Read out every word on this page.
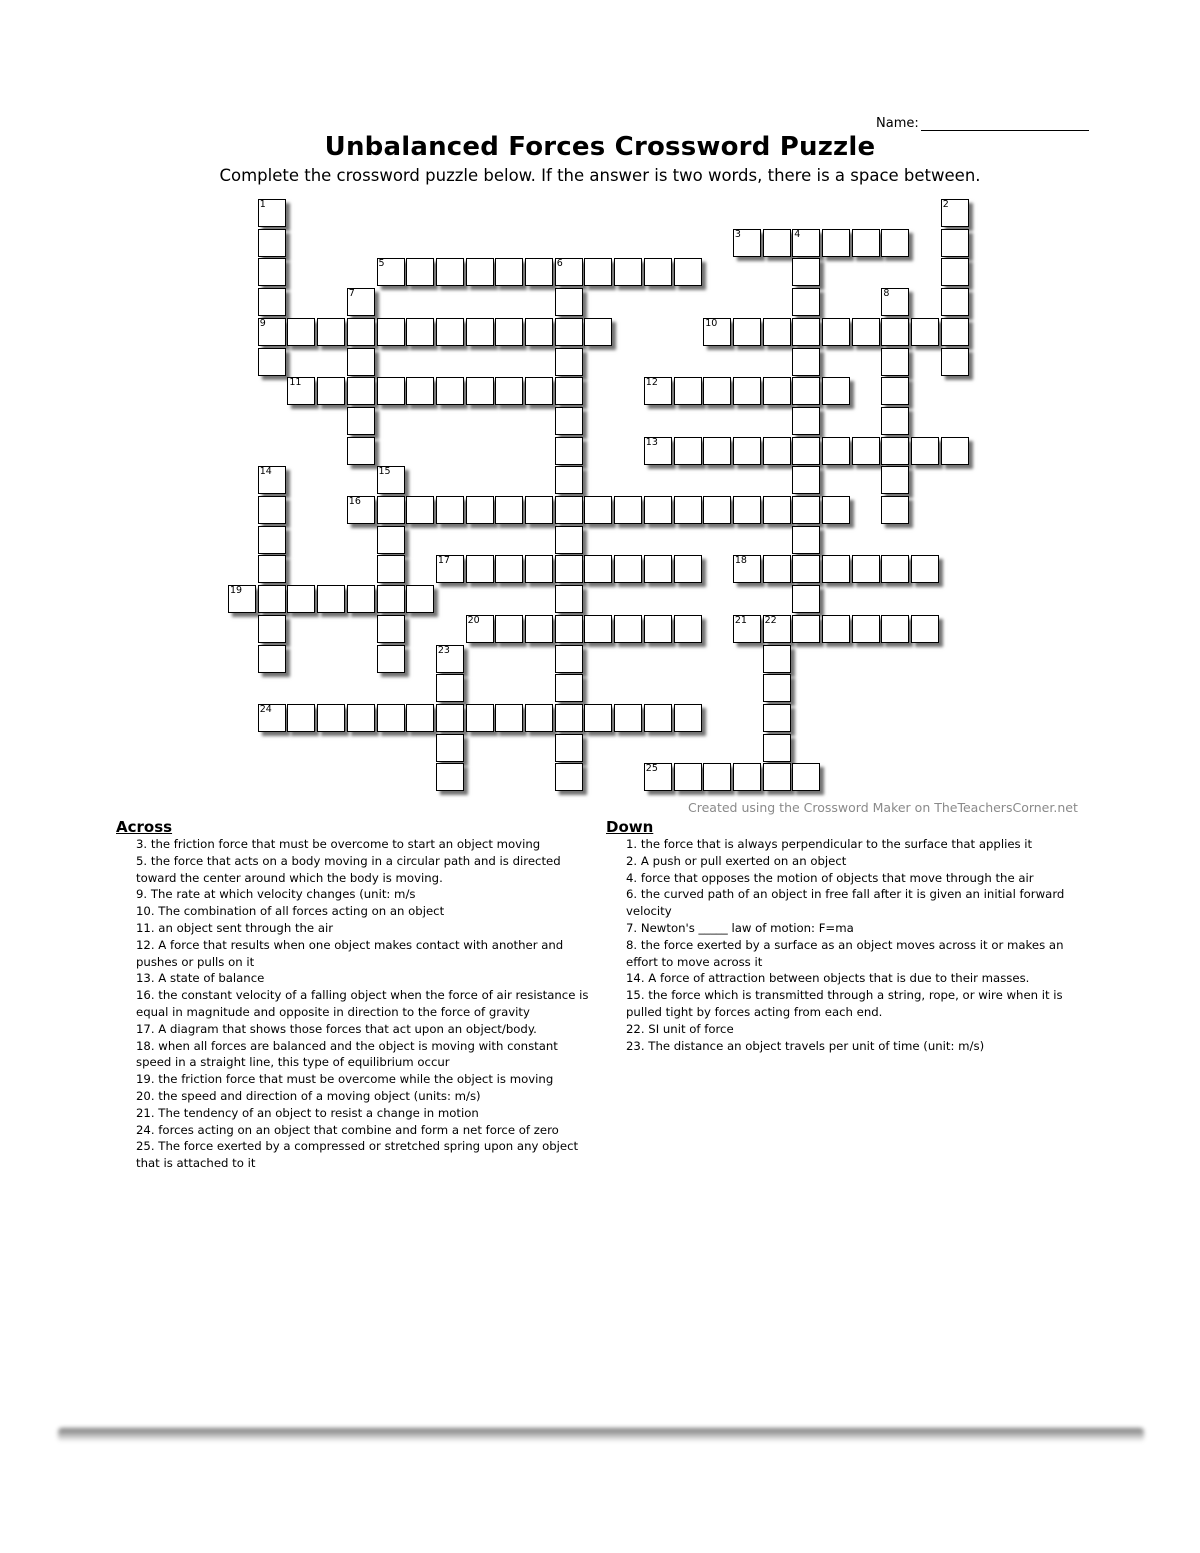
Name:
Unbalanced Forces Crossword Puzzle
Complete the crossword puzzle below. If the answer is two words, there is a space between.
1	2
3	4
5	6
7	8
9	10
11	12
13
14	15
16
17	18
19
20	21 22
23
24
25
Created using the Crossword Maker on TheTeachersCorner.net
Across
3. the friction force that must be overcome to start an object moving
5. the force that acts on a body moving in a circular path and is directed toward the center around which the body is moving.
9. The rate at which velocity changes (unit: m/s
10. The combination of all forces acting on an object
11. an object sent through the air
12. A force that results when one object makes contact with another and pushes or pulls on it
13. A state of balance
16. the constant velocity of a falling object when the force of air resistance is equal in magnitude and opposite in direction to the force of gravity
17. A diagram that shows those forces that act upon an object/body.
18. when all forces are balanced and the object is moving with constant speed in a straight line, this type of equilibrium occur
19. the friction force that must be overcome while the object is moving
20. the speed and direction of a moving object (units: m/s)
21. The tendency of an object to resist a change in motion
24. forces acting on an object that combine and form a net force of zero
25. The force exerted by a compressed or stretched spring upon any object that is attached to it
Down
1. the force that is always perpendicular to the surface that applies it
2. A push or pull exerted on an object
4. force that opposes the motion of objects that move through the air
6. the curved path of an object in free fall after it is given an initial forward velocity
7. Newton's _____ law of motion: F=ma
8. the force exerted by a surface as an object moves across it or makes an effort to move across it
14. A force of attraction between objects that is due to their masses.
15. the force which is transmitted through a string, rope, or wire when it is pulled tight by forces acting from each end.
22. SI unit of force
23. The distance an object travels per unit of time (unit: m/s)
